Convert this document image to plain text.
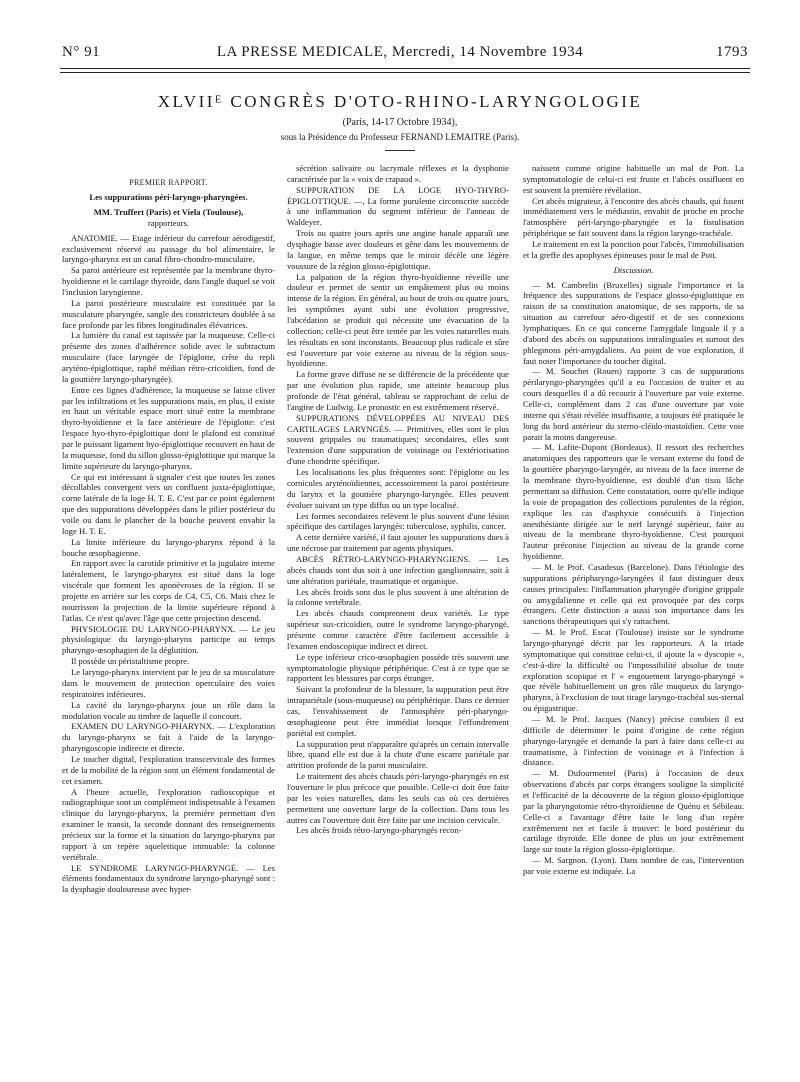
N° 91	LA PRESSE MEDICALE, Mercredi, 14 Novembre 1934	1793
XLVIIᴱ CONGRÈS D'OTO-RHINO-LARYNGOLOGIE
(Paris, 14-17 Octobre 1934),
sous la Présidence du Professeur FERNAND LEMAITRE (Paris).

PREMIER RAPPORT.

Les suppurations péri-laryngo-pharyngées.

MM. Truffert (Paris) et Viela (Toulouse),

rapporteurs.

ANATOMIE. — Etage inférieur du carrefour aérodigestif, exclusivement réservé au passage du bol alimentaire, le laryngo-pharynx est un canal fibro-chondro-musculaire.

Sa paroi antérieure est représentée par la membrane thyro-hyoïdienne et le cartilage thyroïde, dans l'angle duquel se voit l'inclusion laryngienne.

La paroi postérieure musculaire est constituée par la musculature pharyngée, sangle des constricteurs doublée à sa face profonde par les fibres longitudinales élévatrices.

La lumière du canal est tapissée par la muqueuse. Celle-ci présente des zones d'adhérence solide avec le subtractum musculaire (face laryngée de l'épiglotte, crête du repli aryténo-épiglottique, raphé médian rétro-cricoïdien, fond de la gouttière laryngo-pharyngée).

Entre ces lignes d'adhérence, la muqueuse se laisse cliver par les infiltrations et les suppurations mais, en plus, il existe en haut un véritable espace mort situé entre la membrane thyro-hyoïdienne et la face antérieure de l'épiglotte: c'est l'espace hyo-thyro-épiglottique dont le plafond est constitué par le puissant ligament hyo-épiglottique recouvert en haut de la muqueuse, fond du sillon glosso-épiglottique qui marque la limite supérieure du laryngo-pharynx.

Ce qui est intéressant à signaler c'est que toutes les zones décollables convergent vers un confluent juxta-épiglottique, corne latérale de la loge H. T. E. C'est par ce point également que des suppurations développées dans le pilier postérieur du voile ou dans le plancher de la bouche peuvent envahir la loge H. T. E.

La limite inférieure du laryngo-pharynx répond à la bouche œsophagienne.

En rapport avec la carotide primitive et la jugulaire interne latéralement, le laryngo-pharynx est situé dans la loge viscérale que forment les aponévroses de la région. Il se projette en arrière sur les corps de C4, C5, C6. Mais chez le nourrisson la projection de la limite supérieure répond à l'atlas. Ce n'est qu'avec l'âge que cette projection descend.

PHYSIOLOGIE DU LARYNGO-PHARYNX. — Le jeu physiologique du laryngo-pharynx participe au temps pharyngo-œsophagien de la déglutition.

Il possède un péristaltisme propre.

Le laryngo-pharynx intervient par le jeu de sa musculature dans le mouvement de protection operculaire des voies respiratoires inférieures.

La cavité du laryngo-pharynx joue un rôle dans la modulation vocale au timbre de laquelle il concourt.

EXAMEN DU LARYNGO-PHARYNX. — L'exploration du laryngo-pharynx se fait à l'aide de la laryngo-pharyngoscopie indirecte et directe.

Le toucher digital, l'exploration transcervicale des formes et de la mobilité de la région sont un élément fondamental de cet examen.

A l'heure actuelle, l'exploration radioscopique et radiographique sont un complément indispensable à l'examen clinique du laryngo-pharynx, la première permettant d'en examiner le transit, la seconde donnant des renseignements précieux sur la forme et la situation du laryngo-pharynx par rapport à un repère squelettique immuable: la colonne vertébrale.

LE SYNDROME LARYNGO-PHARYNGÉ. — Les éléments fondamentaux du syndrome laryngo-pharyngé sont : la dysphagie douloureuse avec hyper-

sécrétion salivaire ou lacrymale réflexes et la dysphonie caractérisée par la « voix de crapaud ».

SUPPURATION DE LA LOGE HYO-THYRO-ÉPIGLOTTIQUE. —, La forme purulente circonscrite succède à une inflammation du segment inférieur de l'anneau de Waldeyer.

Trois ou quatre jours après une angine banale apparaît une dysphagie basse avec douleurs et gêne dans les mouvements de la langue, en même temps que le miroir décèle une légère voussure de la région glosso-épiglottique.

La palpation de la région thyro-hyoïdienne réveille une douleur et permet de sentir un empâtement plus ou moins intense de la région. En général, au bout de trois ou quatre jours, les symptômes ayant subi une évolution progressive, l'abcédation se produit qui nécessite une évacuation de la collection; celle-ci peut être tentée par les voies naturelles mais les résultats en sont inconstants. Beaucoup plus radicale et sûre est l'ouverture par voie externe au niveau de la région sous-hyoïdienne.

La forme grave diffuse ne se différencie de la précédente que par une évolution plus rapide, une atteinte beaucoup plus profonde de l'état général, tableau se rapprochant de celui de l'angine de Ludwig. Le pronostic en est extrêmement réservé.

SUPPURATIONS DÉVELOPPÉES AU NIVEAU DES CARTILAGES LARYNGÉS. — Primitives, elles sont le plus souvent grippales ou traumatiques; secondaires, elles sont l'extension d'une suppuration de voisinage ou l'extériorisation d'une chondrite spécifique.

Les localisations les plus fréquentes sont: l'épiglotte ou les cornicules aryténoïdiennes, accessoirement la paroi postérieure du larynx et la gouttière pharyngo-laryngée. Elles peuvent évoluer suivant un type diffus ou un type localisé.

Les formes secondaires relèvent le plus souvent d'une lésion spécifique des cartilages laryngés: tuberculose, syphilis, cancer.

A cette dernière variété, il faut ajouter les suppurations dues à une nécrose par traitement par agents physiques.

ABCÈS RÉTRO-LARYNGO-PHARYNGIENS. — Les abcès chauds sont dus soit à une infection ganglionnaire, soit à une altération pariétale, traumatique et organique.

Les abcès froids sont dus le plus souvent à une altération de la colonne vertébrale.

Les abcès chauds comprennent deux variétés. Le type supérieur sus-cricoïdien, outre le syndrome laryngo-pharyngé, présente comme caractère d'être facilement accessible à l'examen endoscopique indirect et direct.

Le type inférieur crico-œsophagien possède très souvent une symptomatologie physique périphérique. C'est à ce type que se rapportent les blessures par corps étranger.

Suivant la profondeur de la blessure, la suppuration peut être intrapariétale (sous-muqueuse) ou périphérique. Dans ce dernier cas, l'envahissement de l'atmosphère péri-pharyngo-œsophagienne peut être immédiat lorsque l'effondrement pariétal est complet.

La suppuration peut n'apparaître qu'après un certain intervalle libre, quand elle est due à la chute d'une escarre pariétale par attrition profonde de la paroi musculaire.

Le traitement des abcès chauds péri-laryngo-pharyngés en est l'ouverture le plus précoce que possible. Celle-ci doit être faite par les voies naturelles, dans les seuls cas où ces dernières permettent une ouverture large de la collection. Dans tous les autres cas l'ouverture doit être faite par une incision cervicale.

Les abcès froids rétro-laryngo-pharyngés recon-

naissent comme origine habituelle un mal de Pott. La symptomatologie de celui-ci est fruste et l'abcès ossifluent en est souvent la première révélation.

Cet abcès migrateur, à l'encontre des abcès chauds, qui fusent immédiatement vers le médiastin, envahit de proche en proche l'atmosphère péri-laryngo-pharyngée et la fistulisation périphérique se fait souvent dans la région laryngo-trachéale.

Le traitement en est la ponction pour l'abcès, l'immobilisation et la greffe des apophyses épineuses pour le mal de Pott.

Discussion.

— M. Cambrelin (Bruxelles) signale l'importance et la fréquence des suppurations de l'espace glosso-épiglottique en raison de sa constitution anatomique, de ses rapports, de sa situation au carrefour aéro-digestif et de ses connexions lymphatiques. En ce qui concerne l'amygdale linguale il y a d'abord des abcès ou suppurations intralinguales et surtout des phlegmons péri-amygdaliens. Au point de vue exploration, il faut noter l'importance du toucher digital.

— M. Souchet (Rouen) rapporte 3 cas de suppurations périlaryngo-pharyngées qu'il a eu l'occasion de traiter et au cours desquelles il a dû recourir à l'ouverture par voie externe. Celle-ci, complément dans 2 cas d'une ouverture par voie interne qui s'était révélée insuffisante, a toujours été pratiquée le long du bord antérieur du sterno-cléido-mastoïdien. Cette voie parait la moins dangereuse.

— M. Lafite-Dupont (Bordeaux). Il ressort des recherches anatomiques des rapporteurs que le versant externe du fond de la gouttière pharyngo-laryngée, au niveau de la face interne de la membrane thyro-hyoïdienne, est doublé d'un tissu lâche permettant sa diffusion. Cette constatation, outre qu'elle indique la voie de propagation des collections purulentes de la région, explique les cas d'asphyxie consécutifs à l'injection anesthésiante dirigée sur le nerf laryngé supérieur, faite au niveau de la membrane thyro-hyoïdienne. C'est pourquoi l'auteur préconise l'injection au niveau de la grande corne hyoïdienne.

— M. le Prof. Casadesus (Barcelone). Dans l'étiologie des suppurations péripharyngo-laryngées il faut distinguer deux causes principales: l'inflammation pharyngée d'origine grippale ou amygdalienne et celle qui est provoquée par des corps étrangers. Cette distinction a aussi son importance dans les sanctions thérapeutiques qui s'y rattachent.

— M. le Prof. Escat (Toulouse) insiste sur le syndrome laryngo-pharyngé décrit par les rapporteurs. A la triade symptomatique qui constitue celui-ci, il ajoute la « dyscopie », c'est-à-dire la difficulté ou l'impossibilité absolue de toute exploration scopique et l' « engouement laryngo-pharyngé » que révèle habituellement un gros râle muqueux du laryngo-pharynx, à l'exclusion de tout tirage laryngo-trachéal sus-sternal ou épigastrique.

— M. le Prof. Jacques (Nancy) précise combien il est difficile de déterminer le point d'origine de cette région pharyngo-laryngée et demande la part à faire dans celle-ci au traumatisme, à l'infection de voisinage et à l'infection à distance.

— M. Dufourmentel (Paris) à l'occasion de deux observations d'abcès par corps étrangers souligne la simplicité et l'efficacité de la découverte de la région glosso-épiglottique par la pharyngotomie rétro-thyroïdienne de Quénu et Sébileau. Celle-ci a l'avantage d'être faite le long d'un repère extrêmement net et facile à trouver: le bord postérieur du cartilage thyroïde. Elle donne de plus un jour extrêmement large sur toute la région glosso-épiglottique.

— M. Sargnon. (Lyon). Dans nombre de cas, l'intervention par voie externe est indiquée. La
